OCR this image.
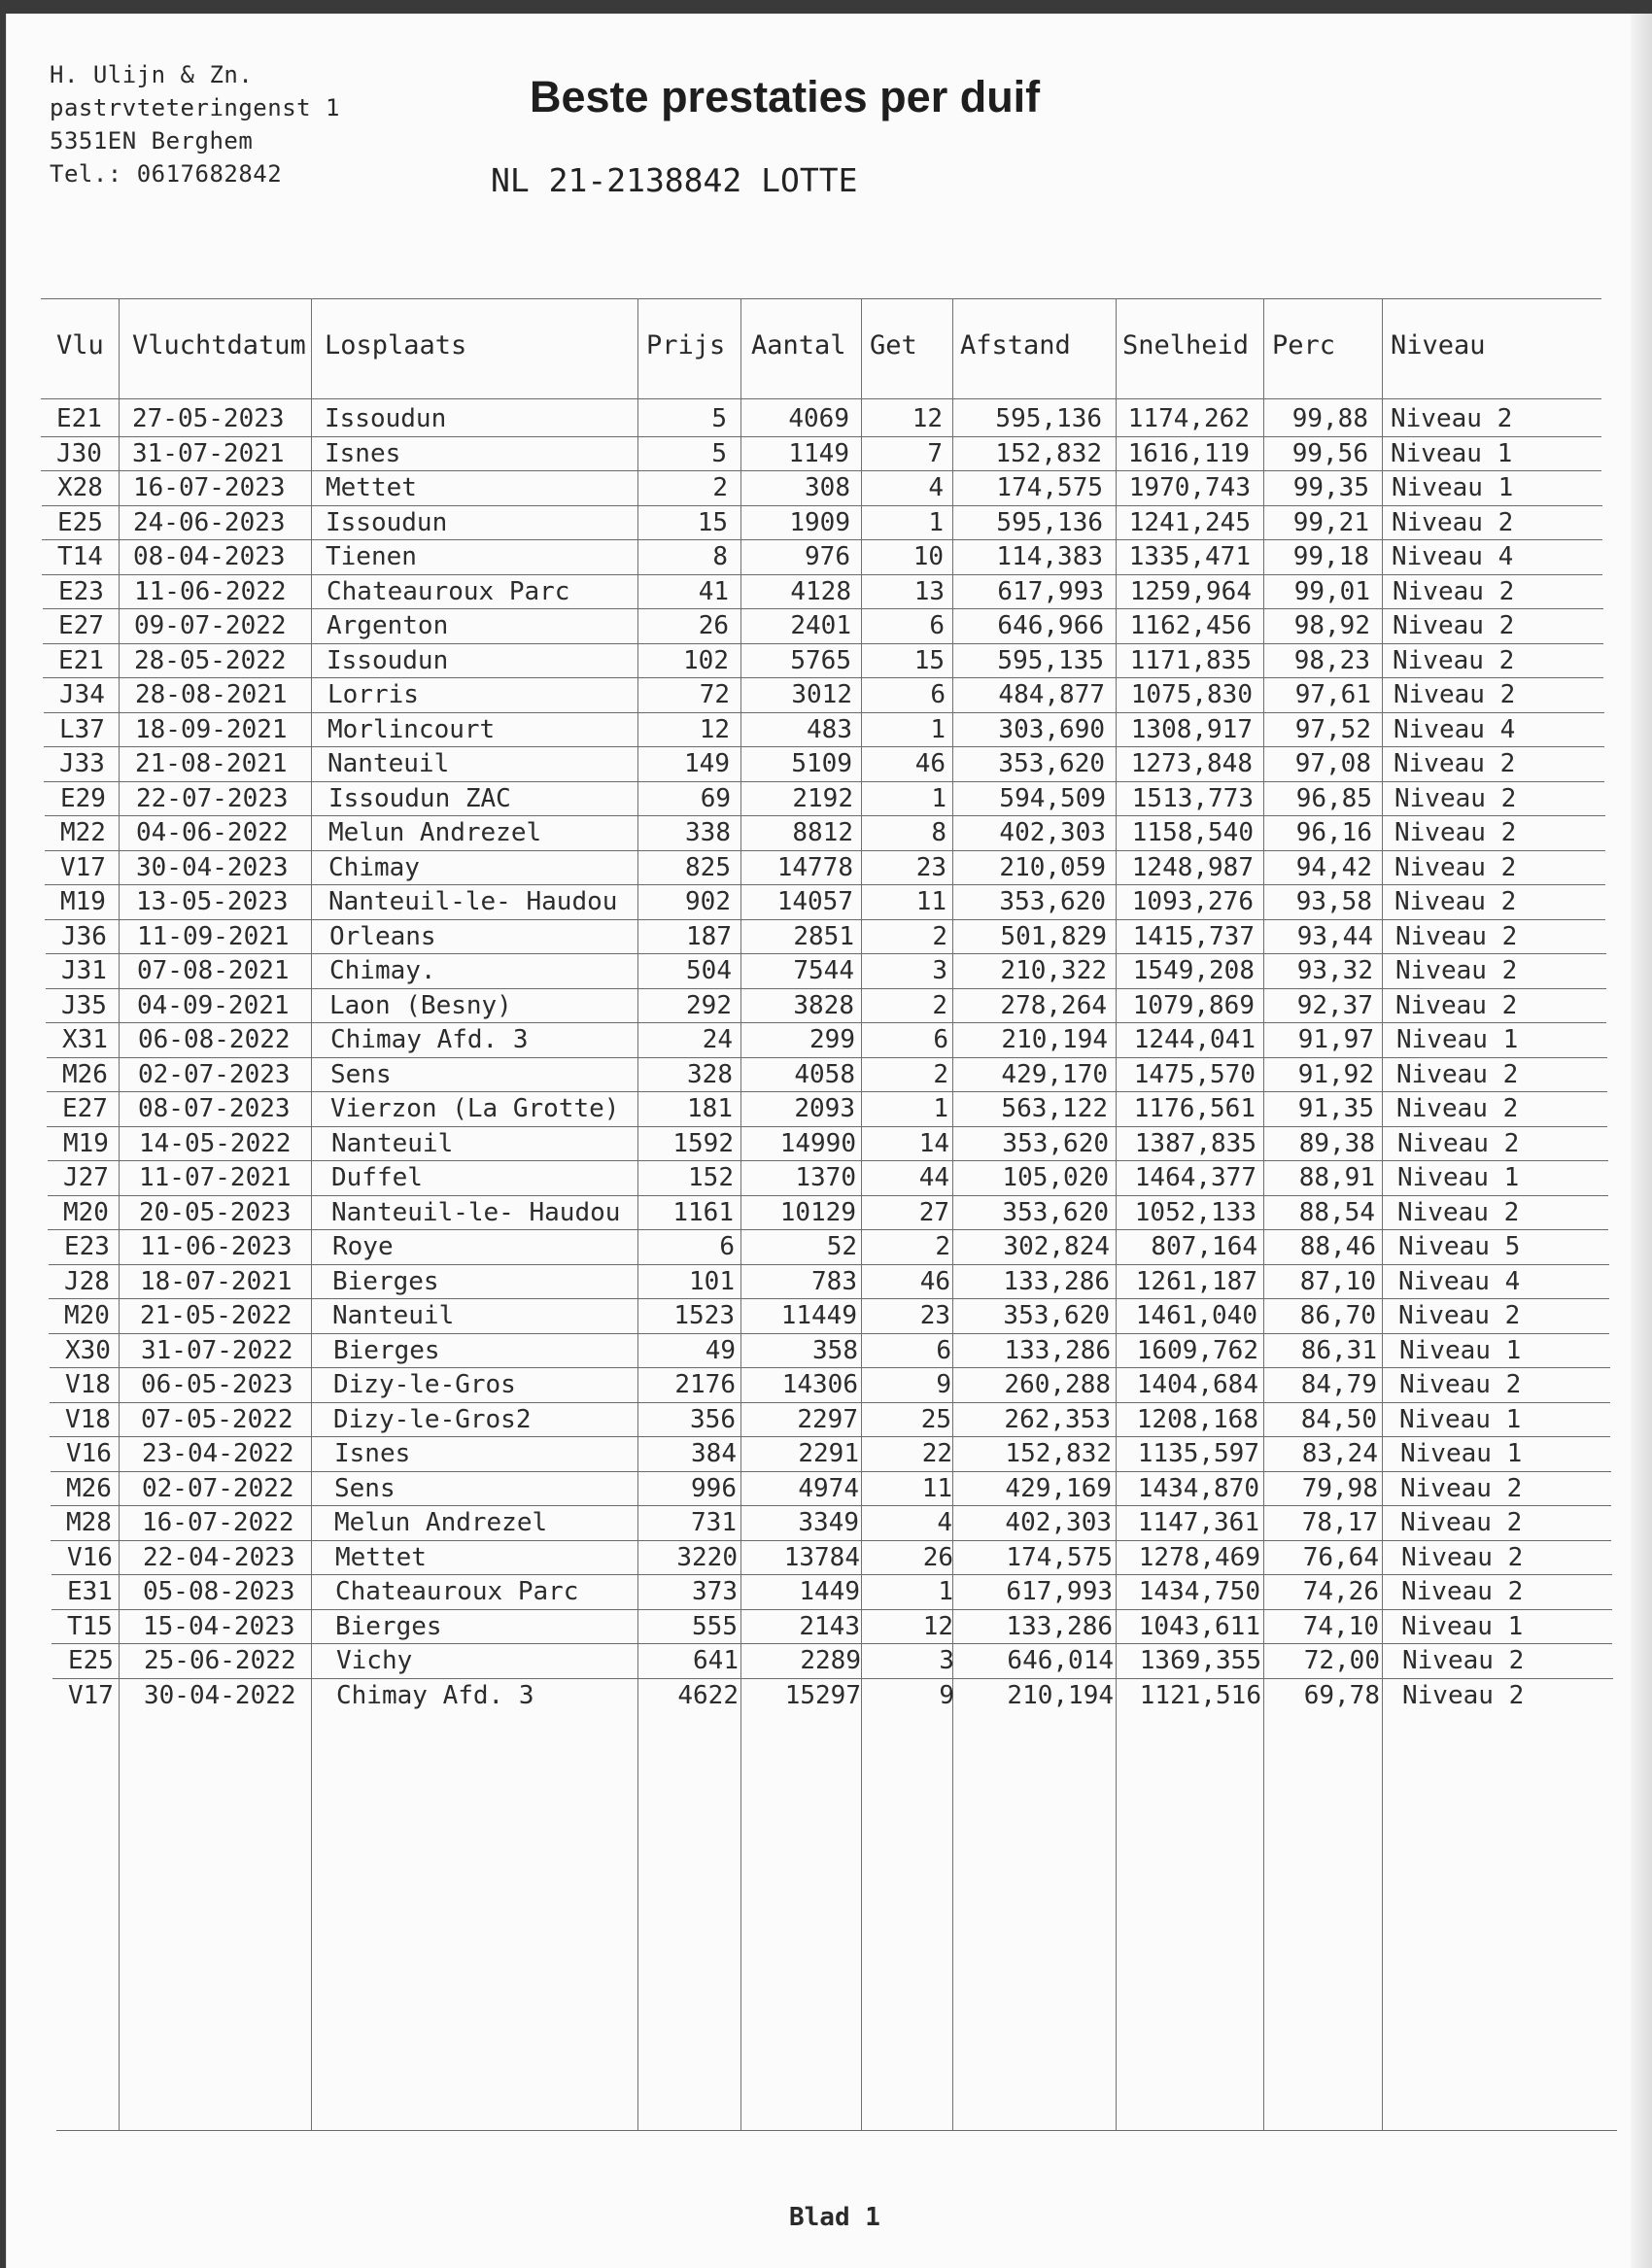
H. Ulijn & Zn.
pastrvteteringenst 1
5351EN Berghem
Tel.: 0617682842
Beste prestaties per duif
NL 21-2138842 LOTTE
Vlu Vluchtdatum Losplaats	Prijs Aantal Get Afstand Snelheid Perc Niveau
E21	27-05-2023	Issoudun	5	4069	12	595,136	1174,262	99,88 Niveau 2
J30	31-07-2021	Isnes	5	1149	7	152,832	1616,119	99,56 Niveau 1
X28	16-07-2023	Mettet	2	308	4	174,575	1970,743	99,35 Niveau 1
E25	24-06-2023	Issoudun	15	1909	1	595,136	1241,245	99,21 Niveau 2
T14	08-04-2023	Tienen	8	976	10	114,383	1335,471	99,18 Niveau 4
E23	11-06-2022	Chateauroux Parc	41	4128	13	617,993	1259,964	99,01 Niveau 2
E27	09-07-2022	Argenton	26	2401	6	646,966	1162,456	98,92 Niveau 2
E21	28-05-2022	Issoudun	102	5765	15	595,135	1171,835	98,23 Niveau 2
J34	28-08-2021	Lorris	72	3012	6	484,877	1075,830	97,61 Niveau 2
L37	18-09-2021	Morlincourt	12	483	1	303,690	1308,917	97,52 Niveau 4
J33	21-08-2021	Nanteuil	149	5109	46	353,620	1273,848	97,08 Niveau 2
E29	22-07-2023	Issoudun ZAC	69	2192	1	594,509	1513,773	96,85 Niveau 2
M22	04-06-2022	Melun Andrezel	338	8812	8	402,303	1158,540	96,16 Niveau 2
V17	30-04-2023	Chimay	825	14778	23	210,059	1248,987	94,42 Niveau 2
M19	13-05-2023	Nanteuil-le- Haudou	902	14057	11	353,620	1093,276	93,58 Niveau 2
J36	11-09-2021	Orleans	187	2851	2	501,829	1415,737	93,44 Niveau 2
J31	07-08-2021	Chimay.	504	7544	3	210,322	1549,208	93,32 Niveau 2
J35	04-09-2021	Laon (Besny)	292	3828	2	278,264	1079,869	92,37 Niveau 2
X31	06-08-2022	Chimay Afd. 3	24	299	6	210,194	1244,041	91,97 Niveau 1
M26	02-07-2023	Sens	328	4058	2	429,170	1475,570	91,92 Niveau 2
E27	08-07-2023	Vierzon (La Grotte)	181	2093	1	563,122	1176,561	91,35 Niveau 2
M19	14-05-2022	Nanteuil	1592	14990	14	353,620	1387,835	89,38 Niveau 2
J27	11-07-2021	Duffel	152	1370	44	105,020	1464,377	88,91 Niveau 1
M20	20-05-2023	Nanteuil-le- Haudou	1161	10129	27	353,620	1052,133	88,54 Niveau 2
E23	11-06-2023	Roye	6	52	2	302,824	807,164	88,46 Niveau 5
J28	18-07-2021	Bierges	101	783	46	133,286	1261,187	87,10 Niveau 4
M20	21-05-2022	Nanteuil	1523	11449	23	353,620	1461,040	86,70 Niveau 2
X30	31-07-2022	Bierges	49	358	6	133,286	1609,762	86,31 Niveau 1
V18	06-05-2023	Dizy-le-Gros	2176	14306	9	260,288	1404,684	84,79 Niveau 2
V18	07-05-2022	Dizy-le-Gros2	356	2297	25	262,353	1208,168	84,50 Niveau 1
V16	23-04-2022	Isnes	384	2291	22	152,832	1135,597	83,24 Niveau 1
M26	02-07-2022	Sens	996	4974	11	429,169	1434,870	79,98 Niveau 2
M28	16-07-2022	Melun Andrezel	731	3349	4	402,303	1147,361	78,17 Niveau 2
V16	22-04-2023	Mettet	3220	13784	26	174,575	1278,469	76,64 Niveau 2
E31	05-08-2023	Chateauroux Parc	373	1449	1	617,993	1434,750	74,26 Niveau 2
T15	15-04-2023	Bierges	555	2143	12	133,286	1043,611	74,10 Niveau 1
E25	25-06-2022	Vichy	641	2289	3	646,014	1369,355	72,00 Niveau 2
V17	30-04-2022	Chimay Afd. 3	4622	15297	9	210,194	1121,516	69,78 Niveau 2
Blad 1
